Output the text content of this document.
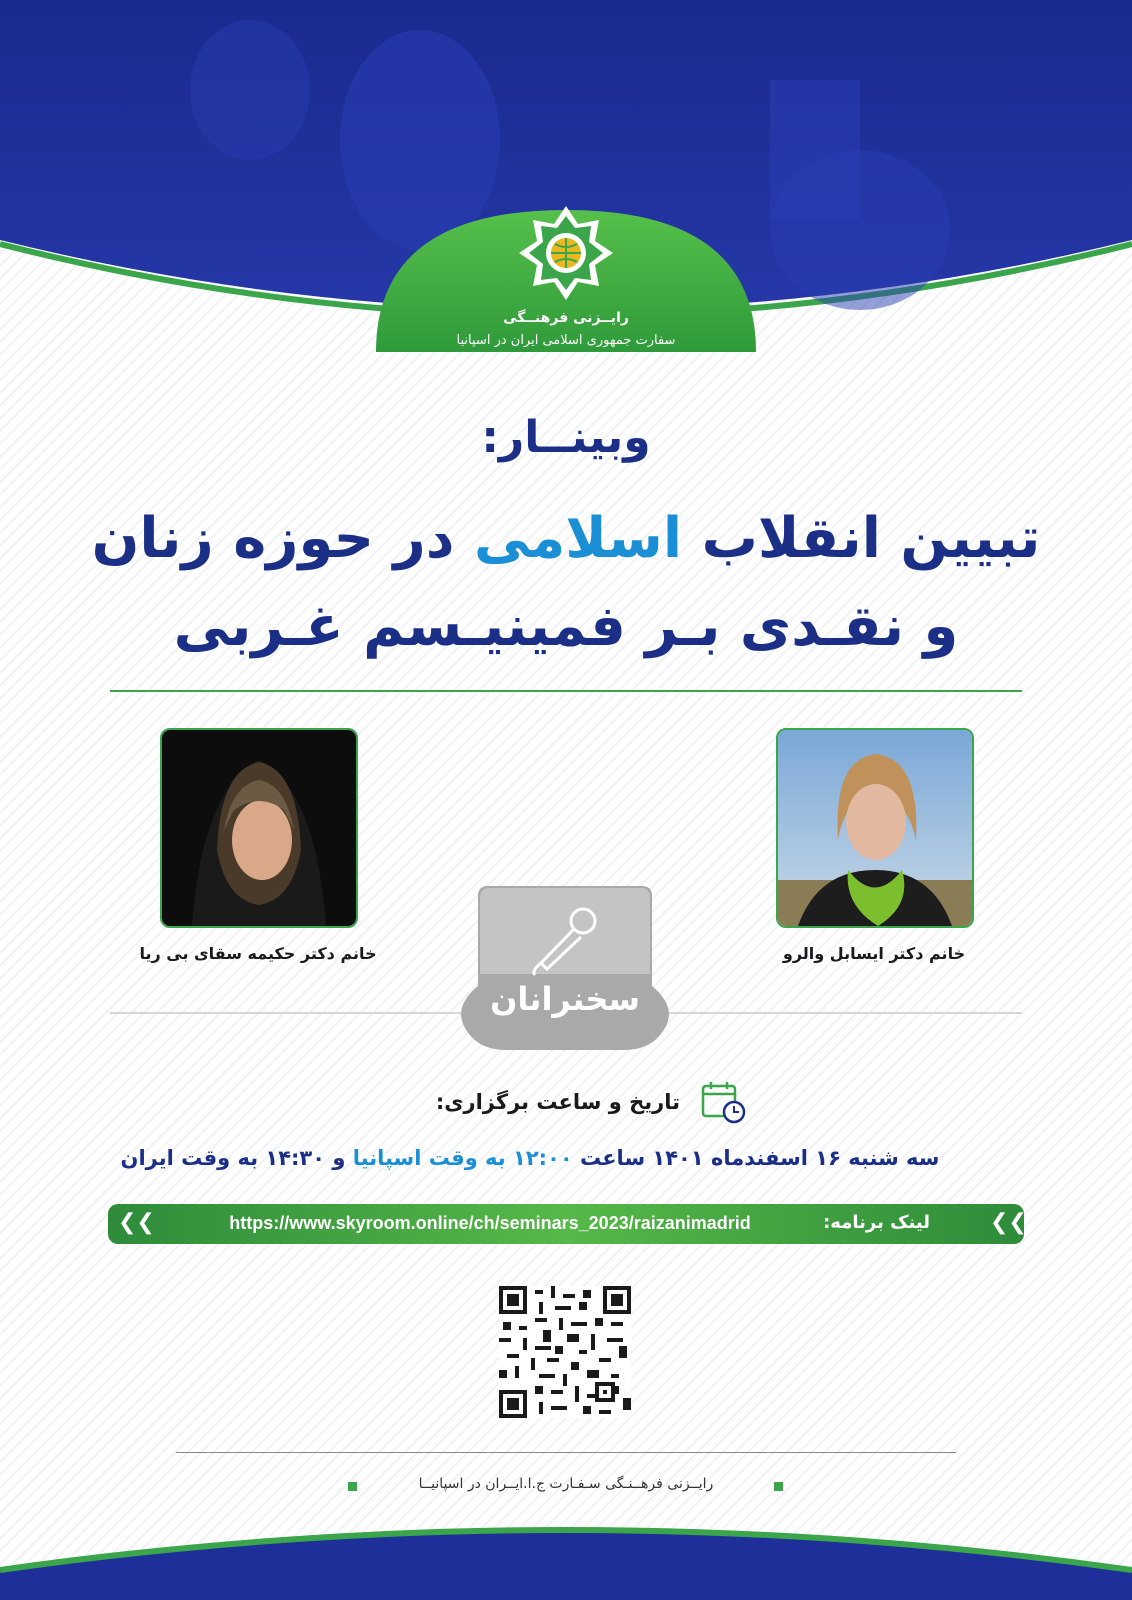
رایــزنی فرهنــگی
سفارت جمهوری اسلامی ایران در اسپانیا
وبینــار:
تبیین انقلاب اسلامی در حوزه زنان
و نقـدی بـر فمینیـسم غـربی
خانم دکتر حکیمه سقای بی ریا	خانم دکتر ایسابل والرو
سخنرانان
تاریخ و ساعت برگزاری:
سه شنبه ۱۶ اسفندماه ۱۴۰۱ ساعت ۱۲:۰۰ به وقت اسپانیا و ۱۴:۳۰ به وقت ایران
لینک برنامه:
https://www.skyroom.online/ch/seminars_2023/raizanimadrid
❮❮	❮❮
رایــزنی فرهــنـگی سـفـارت ج.ا.ایــران در اسپانیــا
